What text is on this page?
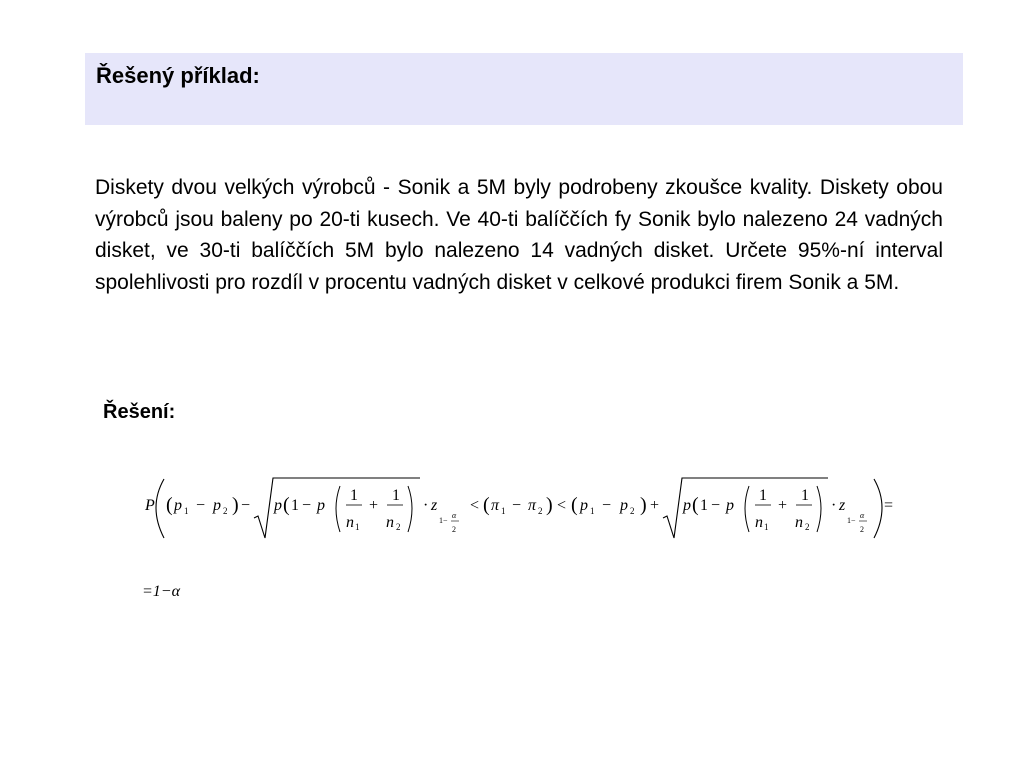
Řešený příklad:

Diskety dvou velkých výrobců - Sonik a 5M byly podrobeny zkoušce kvality. Diskety obou výrobců jsou baleny po 20-ti kusech. Ve 40-ti balíččích fy Sonik bylo nalezeno 24 vadných disket, ve 30-ti balíččích 5M bylo nalezeno 14 vadných disket. Určete 95%-ní interval spolehlivosti pro rozdíl v procentu vadných disket v celkové produkci firem Sonik a 5M.

Řešení:

P ( p 1 − p 2 ) − p ( 1 − p
1
n 1
+
1
n 2
· z
1−
α
2
< ( π 1 − π 2 ) < ( p 1 − p 2 ) + p ( 1 − p
1
n 1
+
1
n 2
· z
1−
α
2
=
=1−α
